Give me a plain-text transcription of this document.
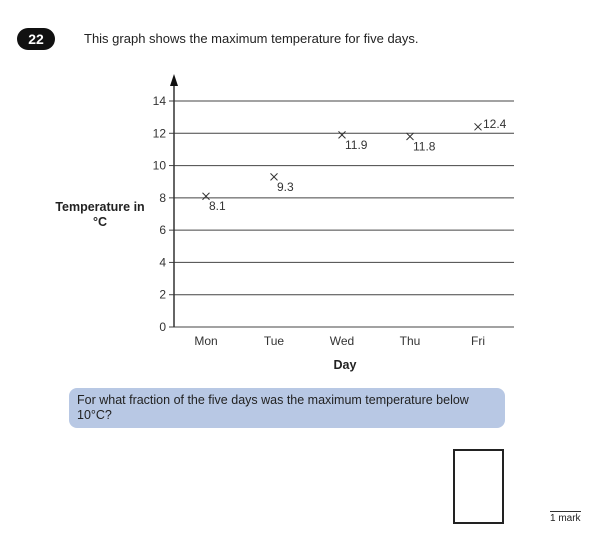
22	This graph shows the maximum temperature for five days.
Temperature in °C
0
2
4
6
8
10
12
14
Mon
8.1
Tue
9.3
Wed
11.9
Thu
11.8
Fri
12.4
Day
For what fraction of the five days was the maximum temperature below 10°C?
1 mark
